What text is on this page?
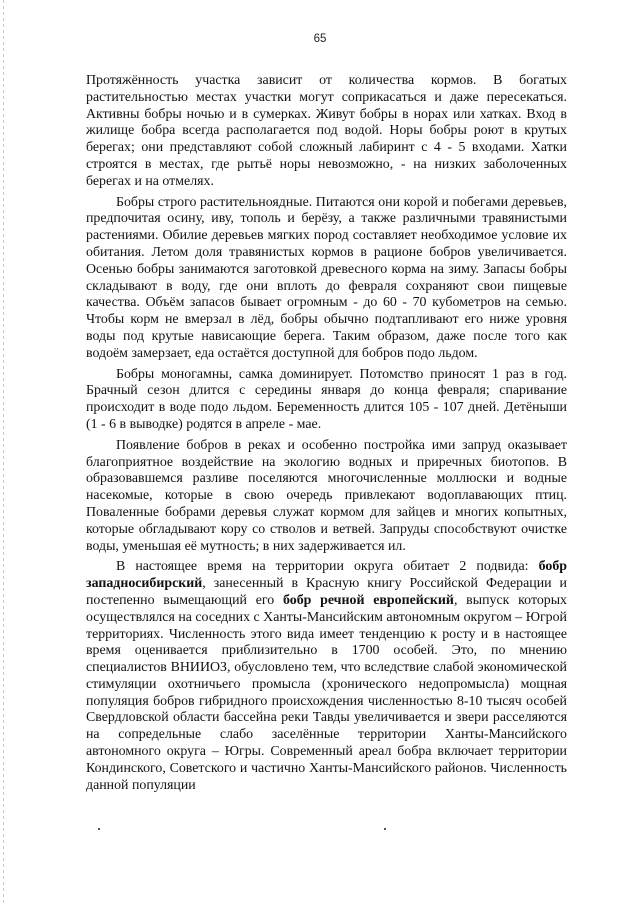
65

Протяжённость участка зависит от количества кормов. В богатых растительностью местах участки могут соприкасаться и даже пересекаться. Активны бобры ночью и в сумерках. Живут бобры в норах или хатках. Вход в жилище бобра всегда располагается под водой. Норы бобры роют в крутых берегах; они представляют собой сложный лабиринт с 4 - 5 входами. Хатки строятся в местах, где рытьё норы невозможно, - на низких заболоченных берегах и на отмелях.

Бобры строго растительноядные. Питаются они корой и побегами деревьев, предпочитая осину, иву, тополь и берёзу, а также различными травянистыми растениями. Обилие деревьев мягких пород составляет необходимое условие их обитания. Летом доля травянистых кормов в рационе бобров увеличивается. Осенью бобры занимаются заготовкой древесного корма на зиму. Запасы бобры складывают в воду, где они вплоть до февраля сохраняют свои пищевые качества. Объём запасов бывает огромным - до 60 - 70 кубометров на семью. Чтобы корм не вмерзал в лёд, бобры обычно подтапливают его ниже уровня воды под крутые нависающие берега. Таким образом, даже после того как водоём замерзает, еда остаётся доступной для бобров подо льдом.

Бобры моногамны, самка доминирует. Потомство приносят 1 раз в год. Брачный сезон длится с середины января до конца февраля; спаривание происходит в воде подо льдом. Беременность длится 105 - 107 дней. Детёныши (1 - 6 в выводке) родятся в апреле - мае.

Появление бобров в реках и особенно постройка ими запруд оказывает благоприятное воздействие на экологию водных и приречных биотопов. В образовавшемся разливе поселяются многочисленные моллюски и водные насекомые, которые в свою очередь привлекают водоплавающих птиц. Поваленные бобрами деревья служат кормом для зайцев и многих копытных, которые обгладывают кору со стволов и ветвей. Запруды способствуют очистке воды, уменьшая её мутность; в них задерживается ил.

В настоящее время на территории округа обитает 2 подвида: бобр западносибирский, занесенный в Красную книгу Российской Федерации и постепенно вымещающий его бобр речной европейский, выпуск которых осуществлялся на соседних с Ханты-Мансийским автономным округом – Югрой территориях. Численность этого вида имеет тенденцию к росту и в настоящее время оценивается приблизительно в 1700 особей. Это, по мнению специалистов ВНИИОЗ, обусловлено тем, что вследствие слабой экономической стимуляции охотничьего промысла (хронического недопромысла) мощная популяция бобров гибридного происхождения численностью 8-10 тысяч особей Свердловской области бассейна реки Тавды увеличивается и звери расселяются на сопредельные слабо заселённые территории Ханты-Мансийского автономного округа – Югры. Современный ареал бобра включает территории Кондинского, Советского и частично Ханты-Мансийского районов. Численность данной популяции
